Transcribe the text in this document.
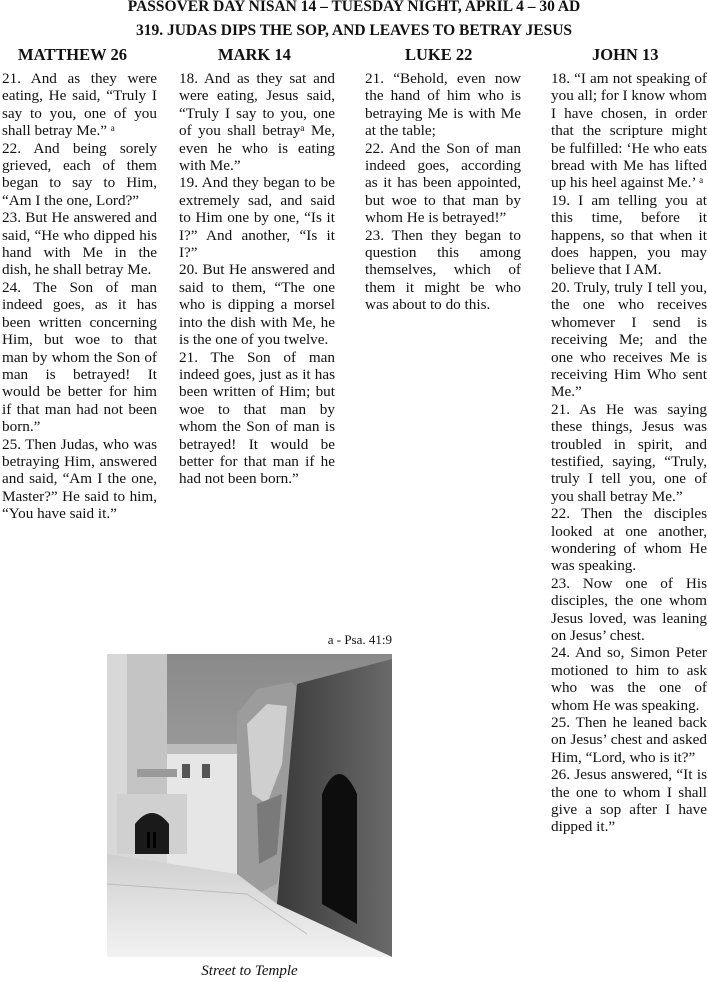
PASSOVER DAY NISAN 14 – TUESDAY NIGHT, APRIL 4 – 30 AD
319. JUDAS DIPS THE SOP, AND LEAVES TO BETRAY JESUS
MATTHEW 26	MARK 14	LUKE 22	JOHN 13
21. And as they were eating, He said, “Truly I say to you, one of you shall betray Me.” ᵃ
22. And being sorely grieved, each of them began to say to Him, “Am I the one, Lord?”
23. But He answered and said, “He who dipped his hand with Me in the dish, he shall betray Me.
24. The Son of man indeed goes, as it has been written concerning Him, but woe to that man by whom the Son of man is betrayed! It would be better for him if that man had not been born.”
25. Then Judas, who was betraying Him, answered and said, “Am I the one, Master?” He said to him, “You have said it.”
18. And as they sat and were eating, Jesus said, “Truly I say to you, one of you shall betrayᵃ Me, even he who is eating with Me.”
19. And they began to be extremely sad, and said to Him one by one, “Is it I?” And another, “Is it I?”
20. But He answered and said to them, “The one who is dipping a morsel into the dish with Me, he is the one of you twelve.
21. The Son of man indeed goes, just as it has been written of Him; but woe to that man by whom the Son of man is betrayed! It would be better for that man if he had not been born.”
21. “Behold, even now the hand of him who is betraying Me is with Me at the table;
22. And the Son of man indeed goes, according as it has been appointed, but woe to that man by whom He is betrayed!”
23. Then they began to question this among themselves, which of them it might be who was about to do this.
18. “I am not speaking of you all; for I know whom I have chosen, in order that the scripture might be fulfilled: ‘He who eats bread with Me has lifted up his heel against Me.’ ᵃ
19. I am telling you at this time, before it happens, so that when it does happen, you may believe that I AM.
20. Truly, truly I tell you, the one who receives whomever I send is receiving Me; and the one who receives Me is receiving Him Who sent Me.”
21. As He was saying these things, Jesus was troubled in spirit, and testified, saying, “Truly, truly I tell you, one of you shall betray Me.”
22. Then the disciples looked at one another, wondering of whom He was speaking.
23. Now one of His disciples, the one whom Jesus loved, was leaning on Jesus’ chest.
24. And so, Simon Peter motioned to him to ask who was the one of whom He was speaking.
25. Then he leaned back on Jesus’ chest and asked Him, “Lord, who is it?”
26. Jesus answered, “It is the one to whom I shall give a sop after I have dipped it.”
a - Psa. 41:9
Street to Temple
